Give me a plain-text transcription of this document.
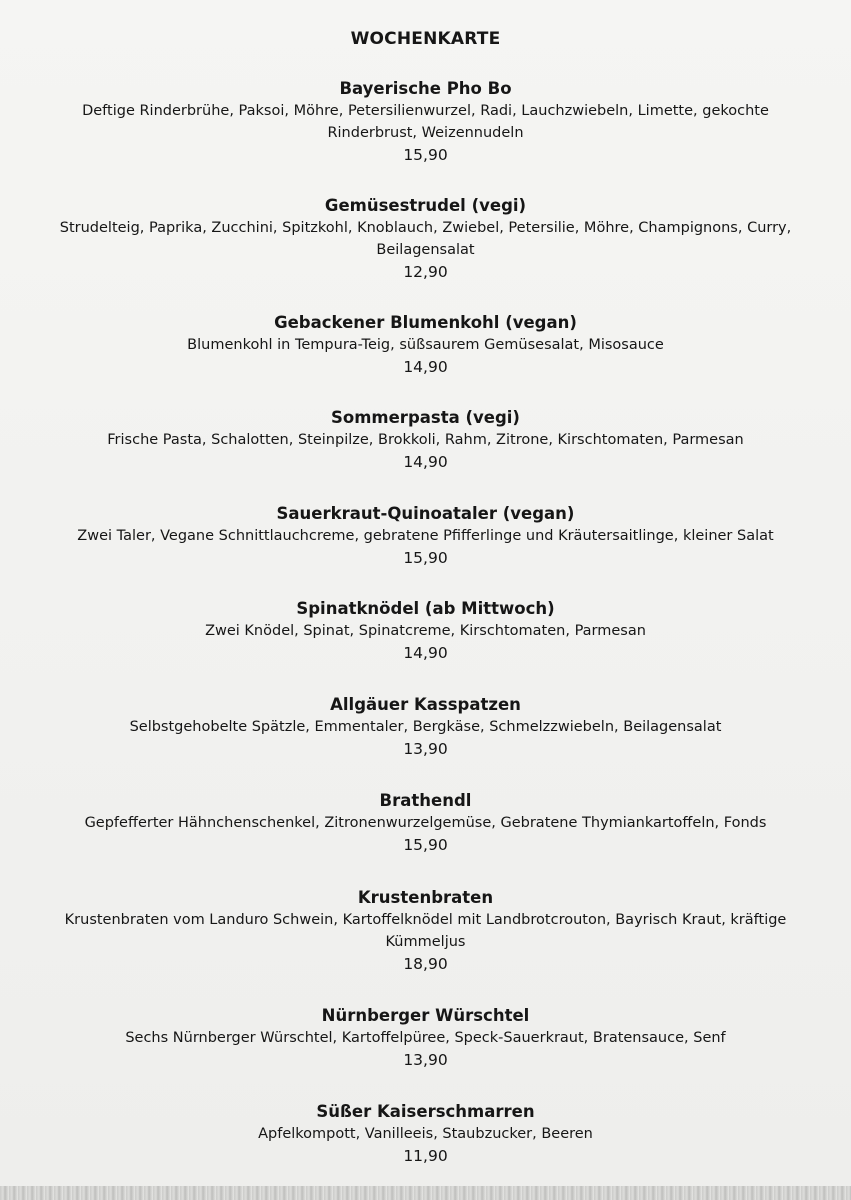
WOCHENKARTE
Bayerische Pho Bo
Deftige Rinderbrühe, Paksoi, Möhre, Petersilienwurzel, Radi, Lauchzwiebeln, Limette, gekochte
Rinderbrust, Weizennudeln
15,90
Gemüsestrudel (vegi)
Strudelteig, Paprika, Zucchini, Spitzkohl, Knoblauch, Zwiebel, Petersilie, Möhre, Champignons, Curry,
Beilagensalat
12,90
Gebackener Blumenkohl (vegan)
Blumenkohl in Tempura-Teig, süßsaurem Gemüsesalat, Misosauce
14,90
Sommerpasta (vegi)
Frische Pasta, Schalotten, Steinpilze, Brokkoli, Rahm, Zitrone, Kirschtomaten, Parmesan
14,90
Sauerkraut-Quinoataler (vegan)
Zwei Taler, Vegane Schnittlauchcreme, gebratene Pfifferlinge und Kräutersaitlinge, kleiner Salat
15,90
Spinatknödel (ab Mittwoch)
Zwei Knödel, Spinat, Spinatcreme, Kirschtomaten, Parmesan
14,90
Allgäuer Kasspatzen
Selbstgehobelte Spätzle, Emmentaler, Bergkäse, Schmelzzwiebeln, Beilagensalat
13,90
Brathendl
Gepfefferter Hähnchenschenkel, Zitronenwurzelgemüse, Gebratene Thymiankartoffeln, Fonds
15,90
Krustenbraten
Krustenbraten vom Landuro Schwein, Kartoffelknödel mit Landbrotcrouton, Bayrisch Kraut, kräftige
Kümmeljus
18,90
Nürnberger Würschtel
Sechs Nürnberger Würschtel, Kartoffelpüree, Speck-Sauerkraut, Bratensauce, Senf
13,90
Süßer Kaiserschmarren
Apfelkompott, Vanilleeis, Staubzucker, Beeren
11,90
